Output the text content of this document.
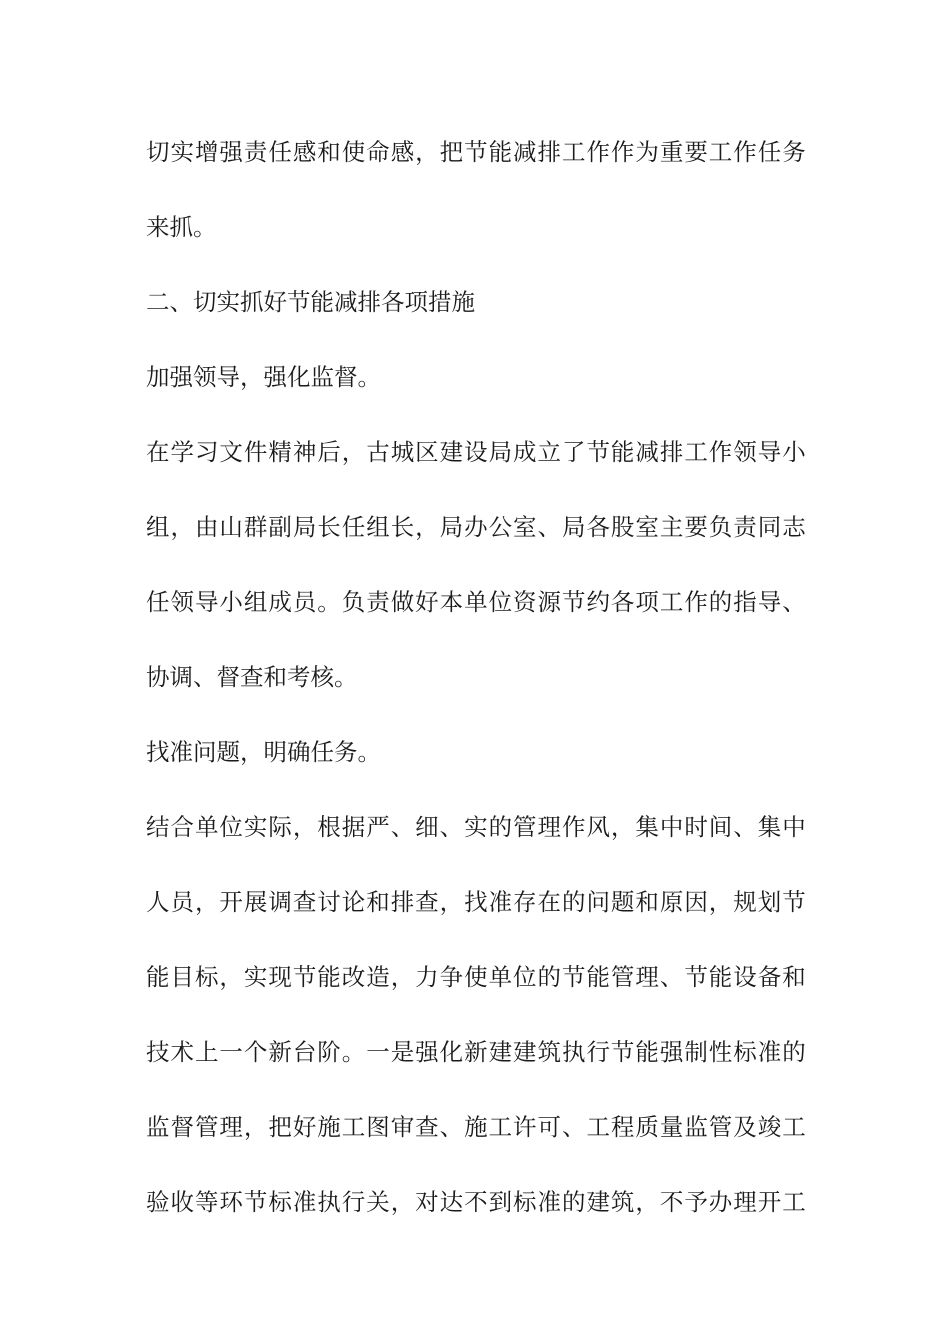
切 实 增 强 责 任 感 和 使 命 感 ， 把 节 能 减 排 工 作 作 为 重 要 工 作 任 务
来抓。
二、切实抓好节能减排各项措施
加强领导，强化监督。
在 学 习 文 件 精 神 后 ， 古 城 区 建 设 局 成 立 了 节 能 减 排 工 作 领 导 小
组 ， 由 山 群 副 局 长 任 组 长 ， 局 办 公 室 、 局 各 股 室 主 要 负 责 同 志
任 领 导 小 组 成 员 。 负 责 做 好 本 单 位 资 源 节 约 各 项 工 作 的 指 导 、
协调、督查和考核。
找准问题，明确任务。
结 合 单 位 实 际 ， 根 据 严 、 细 、 实 的 管 理 作 风 ， 集 中 时 间 、 集 中
人 员 ， 开 展 调 查 讨 论 和 排 查 ， 找 准 存 在 的 问 题 和 原 因 ， 规 划 节
能 目 标 ， 实 现 节 能 改 造 ， 力 争 使 单 位 的 节 能 管 理 、 节 能 设 备 和
技 术 上 一 个 新 台 阶 。 一 是 强 化 新 建 建 筑 执 行 节 能 强 制 性 标 准 的
监 督 管 理 ， 把 好 施 工 图 审 查 、 施 工 许 可 、 工 程 质 量 监 管 及 竣 工
验 收 等 环 节 标 准 执 行 关 ， 对 达 不 到 标 准 的 建 筑 ， 不 予 办 理 开 工
